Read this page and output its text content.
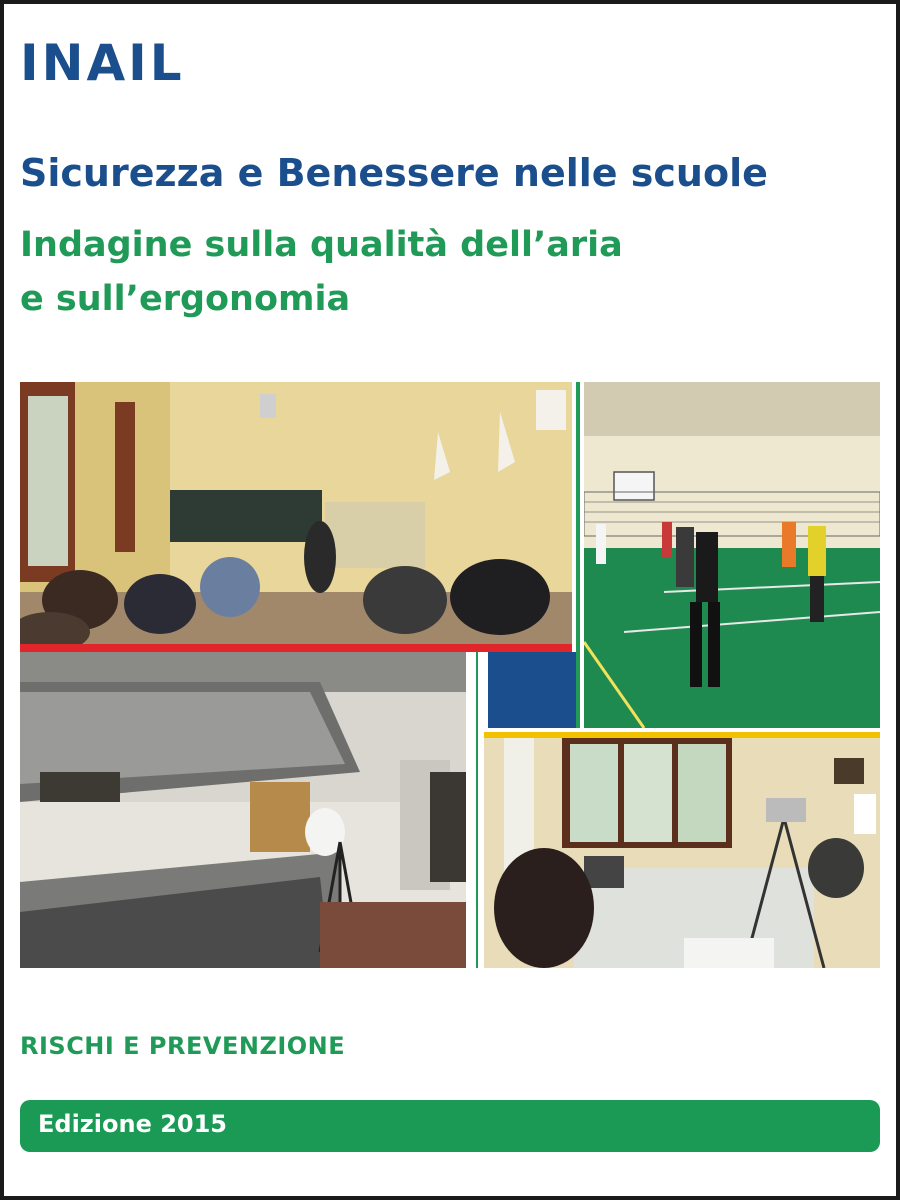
INAIL
Sicurezza e Benessere nelle scuole
Indagine sulla qualità dell’aria
e sull’ergonomia
RISCHI E PREVENZIONE
Edizione 2015
